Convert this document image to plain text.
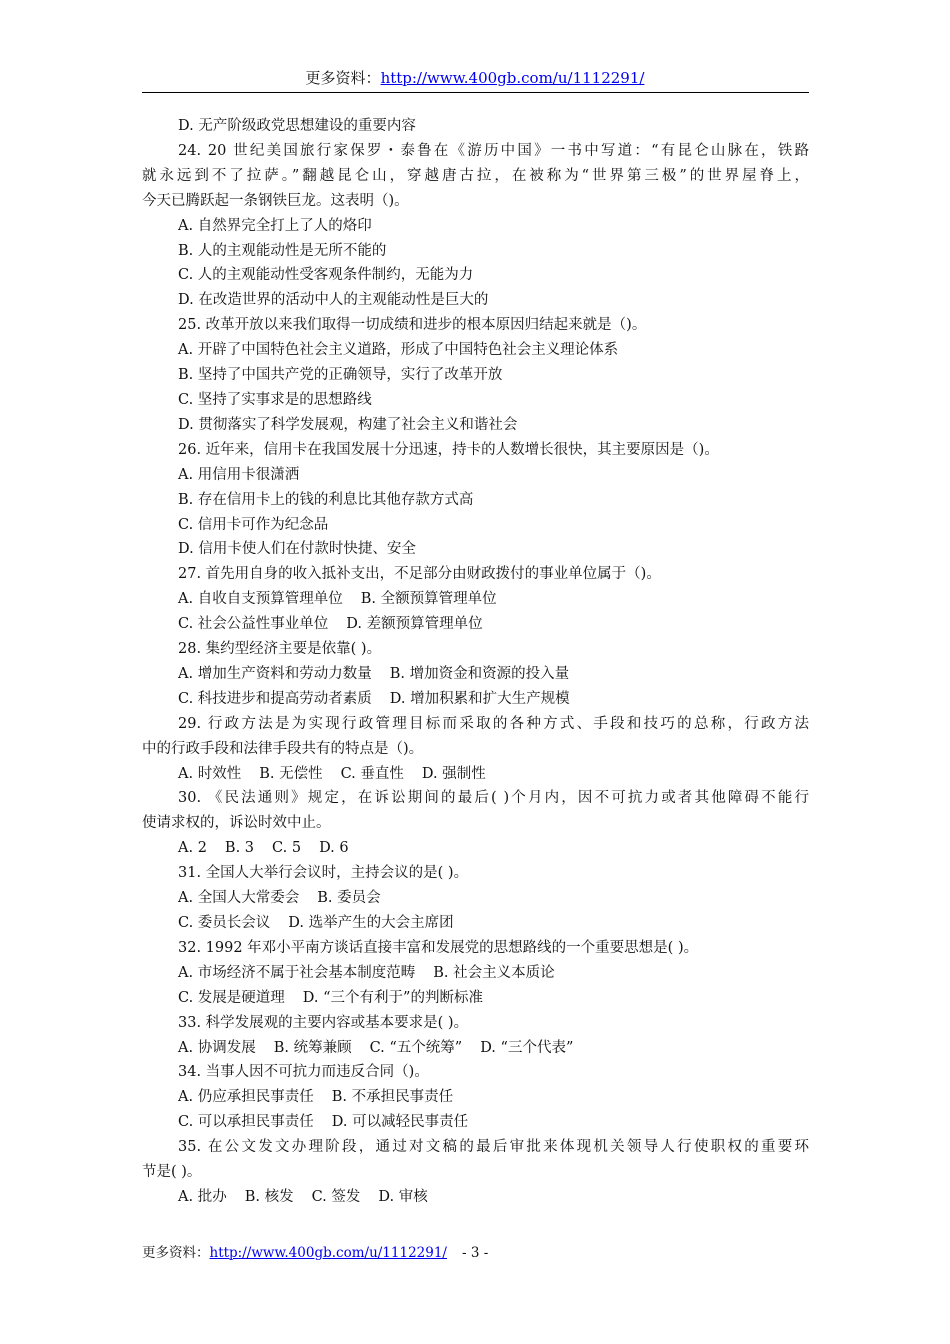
更多资料：http://www.400gb.com/u/1112291/
D. 无产阶级政党思想建设的重要内容
24. 20 世纪美国旅行家保罗・泰鲁在《游历中国》一书中写道：“有昆仑山脉在，铁路
就永远到不了拉萨。”翻越昆仑山，穿越唐古拉，在被称为“世界第三极”的世界屋脊上，
今天已腾跃起一条钢铁巨龙。这表明（)。
A. 自然界完全打上了人的烙印
B. 人的主观能动性是无所不能的
C. 人的主观能动性受客观条件制约，无能为力
D. 在改造世界的活动中人的主观能动性是巨大的
25. 改革开放以来我们取得一切成绩和进步的根本原因归结起来就是（)。
A. 开辟了中国特色社会主义道路，形成了中国特色社会主义理论体系
B. 坚持了中国共产党的正确领导，实行了改革开放
C. 坚持了实事求是的思想路线
D. 贯彻落实了科学发展观，构建了社会主义和谐社会
26. 近年来，信用卡在我国发展十分迅速，持卡的人数增长很快，其主要原因是（)。
A. 用信用卡很潇洒
B. 存在信用卡上的钱的利息比其他存款方式高
C. 信用卡可作为纪念品
D. 信用卡使人们在付款时快捷、安全
27. 首先用自身的收入抵补支出，不足部分由财政拨付的事业单位属于（)。
A. 自收自支预算管理单位 B. 全额预算管理单位
C. 社会公益性事业单位 D. 差额预算管理单位
28. 集约型经济主要是依靠( )。
A. 增加生产资料和劳动力数量 B. 增加资金和资源的投入量
C. 科技进步和提高劳动者素质 D. 增加积累和扩大生产规模
29. 行政方法是为实现行政管理目标而采取的各种方式、手段和技巧的总称，行政方法
中的行政手段和法律手段共有的特点是（)。
A. 时效性 B. 无偿性 C. 垂直性 D. 强制性
30. 《民法通则》规定，在诉讼期间的最后( )个月内，因不可抗力或者其他障碍不能行
使请求权的，诉讼时效中止。
A. 2 B. 3 C. 5 D. 6
31. 全国人大举行会议时，主持会议的是( )。
A. 全国人大常委会 B. 委员会
C. 委员长会议 D. 选举产生的大会主席团
32. 1992 年邓小平南方谈话直接丰富和发展党的思想路线的一个重要思想是( )。
A. 市场经济不属于社会基本制度范畴 B. 社会主义本质论
C. 发展是硬道理 D. “三个有利于”的判断标准
33. 科学发展观的主要内容或基本要求是( )。
A. 协调发展 B. 统筹兼顾 C. “五个统筹” D. “三个代表”
34. 当事人因不可抗力而违反合同（)。
A. 仍应承担民事责任 B. 不承担民事责任
C. 可以承担民事责任 D. 可以减轻民事责任
35. 在公文发文办理阶段，通过对文稿的最后审批来体现机关领导人行使职权的重要环
节是( )。
A. 批办 B. 核发 C. 签发 D. 审核
更多资料：http://www.400gb.com/u/1112291/ - 3 -
